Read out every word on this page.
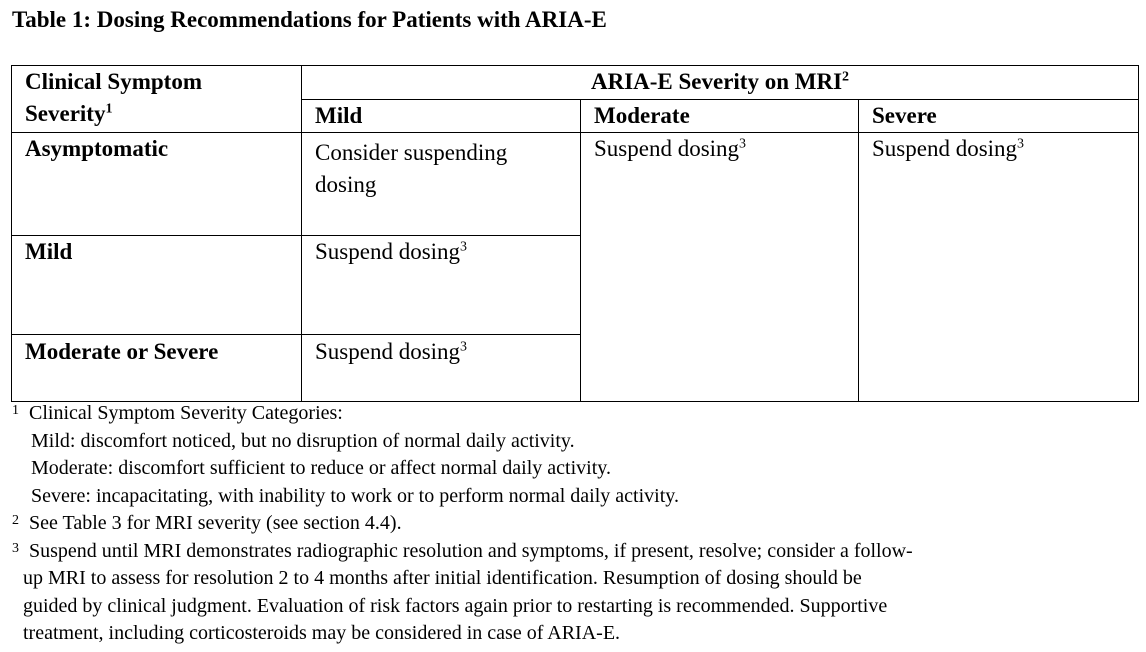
Table 1: Dosing Recommendations for Patients with ARIA-E
Clinical Symptom Severity$^1$	ARIA-E Severity on MRI$^2$
	Mild	Moderate	Severe
Asymptomatic	Consider suspending dosing	Suspend dosing$^3$	Suspend dosing$^3$
Mild	Suspend dosing$^3$
Moderate or Severe	Suspend dosing$^3$
1 Clinical Symptom Severity Categories:
Mild: discomfort noticed, but no disruption of normal daily activity.
Moderate: discomfort sufficient to reduce or affect normal daily activity.
Severe: incapacitating, with inability to work or to perform normal daily activity.
2 See Table 3 for MRI severity (see section 4.4).
3 Suspend until MRI demonstrates radiographic resolution and symptoms, if present, resolve; consider a follow-
up MRI to assess for resolution 2 to 4 months after initial identification. Resumption of dosing should be
guided by clinical judgment. Evaluation of risk factors again prior to restarting is recommended. Supportive
treatment, including corticosteroids may be considered in case of ARIA-E.
